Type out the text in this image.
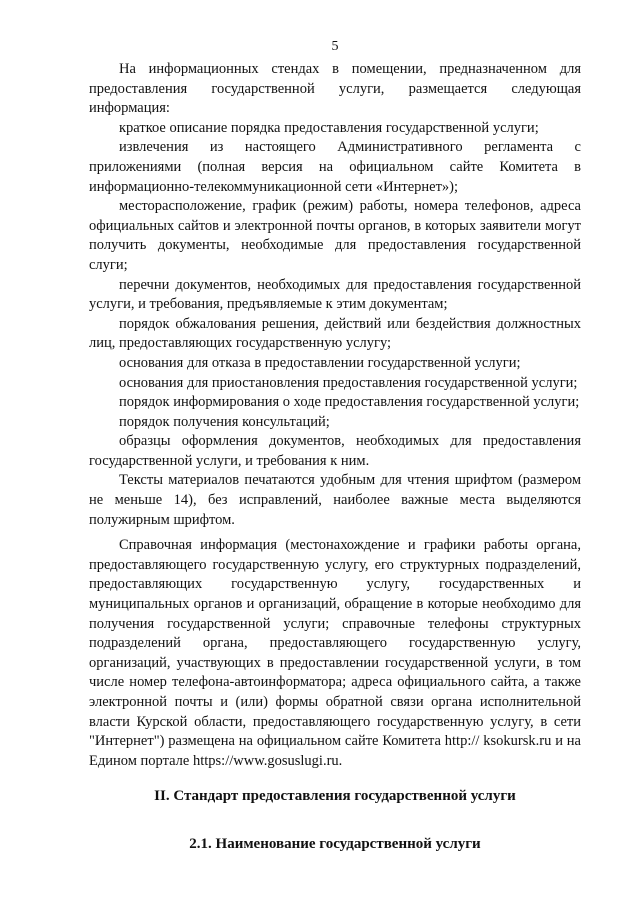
5

На информационных стендах в помещении, предназначенном для предоставления государственной услуги, размещается следующая информация:

краткое описание порядка предоставления государственной услуги;

извлечения из настоящего Административного регламента с приложениями (полная версия на официальном сайте Комитета в информационно-телекоммуникационной сети «Интернет»);

месторасположение, график (режим) работы, номера телефонов, адреса официальных сайтов и электронной почты органов, в которых заявители могут получить документы, необходимые для предоставления государственной слуги;

перечни документов, необходимых для предоставления государственной услуги, и требования, предъявляемые к этим документам;

порядок обжалования решения, действий или бездействия должностных лиц, предоставляющих государственную услугу;

основания для отказа в предоставлении государственной услуги;

основания для приостановления предоставления государственной услуги;

порядок информирования о ходе предоставления государственной услуги;

порядок получения консультаций;

образцы оформления документов, необходимых для предоставления государственной услуги, и требования к ним.

Тексты материалов печатаются удобным для чтения шрифтом (размером не меньше 14), без исправлений, наиболее важные места выделяются полужирным шрифтом.

Справочная информация (местонахождение и графики работы органа, предоставляющего государственную услугу, его структурных подразделений, предоставляющих государственную услугу, государственных и муниципальных органов и организаций, обращение в которые необходимо для получения государственной услуги; справочные телефоны структурных подразделений органа, предоставляющего государственную услугу, организаций, участвующих в предоставлении государственной услуги, в том числе номер телефона-автоинформатора; адреса официального сайта, а также электронной почты и (или) формы обратной связи органа исполнительной власти Курской области, предоставляющего государственную услугу, в сети "Интернет") размещена на официальном сайте Комитета http:// ksokursk.ru и на Едином портале https://www.gosuslugi.ru.

II. Стандарт предоставления государственной услуги
2.1. Наименование государственной услуги
